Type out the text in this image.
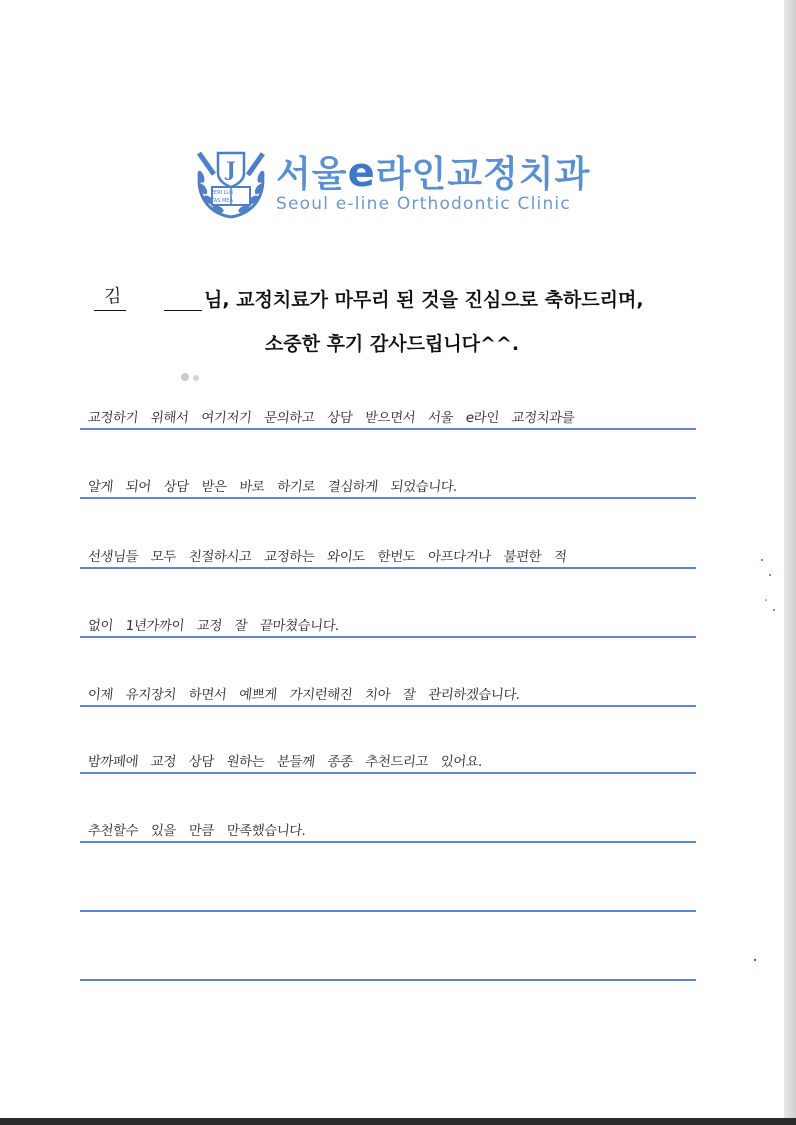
J
VERI LUX
TAS MEA
서울e라인교정치과
Seoul e-line Orthodontic Clinic
김	님, 교정치료가 마무리 된 것을 진심으로 축하드리며,
소중한 후기 감사드립니다^^.
교정하기 위해서 여기저기 문의하고 상담 받으면서 서울 e라인 교정치과를
알게 되어 상담 받은 바로 하기로 결심하게 되었습니다.
선생님들 모두 친절하시고 교정하는 와이도 한번도 아프다거나 불편한 적
없이 1년가까이 교정 잘 끝마쳤습니다.
이제 유지장치 하면서 예쁘게 가지런해진 치아 잘 관리하겠습니다.
밤까페에 교정 상담 원하는 분들께 종종 추천드리고 있어요.
추천할수 있을 만큼 만족했습니다.
